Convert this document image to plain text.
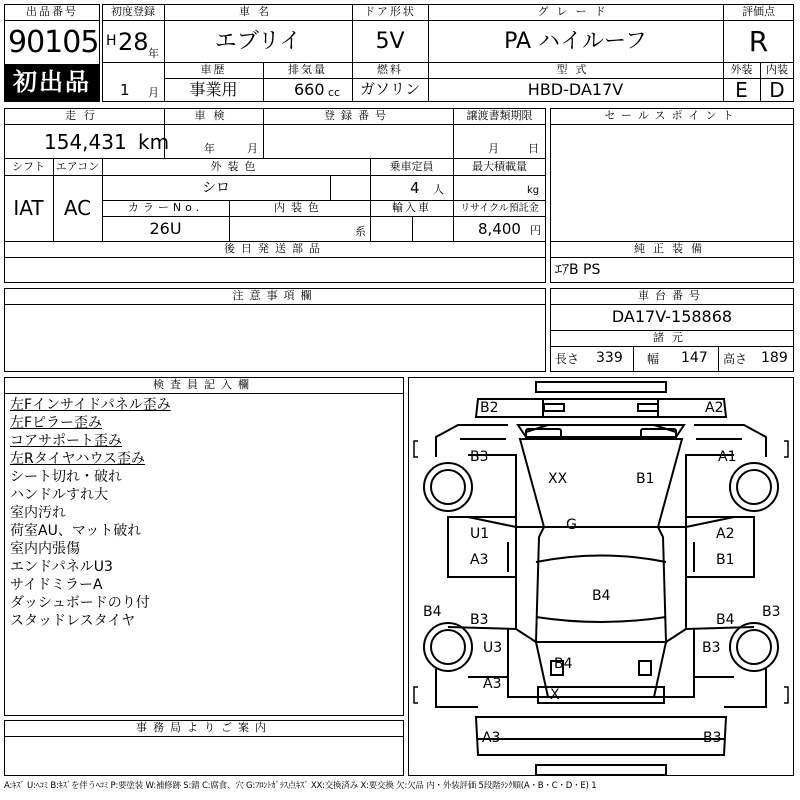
出品番号
90105
初出品
初度登録
H 28 年
1 月
車名
エブリイ
ドア形状
5V
グレード
PA ハイルーフ
評価点
R
車歴
事業用
排気量
660 cc
燃料
ガソリン
型式
HBD-DA17V
外装	内装
E	D
走行
154,431 km
車検
年	月
登録番号	譲渡書類期限
月	日
シフト
IAT
エアコン
AC
外装色
シロ
乗車定員
4 人
最大積載量
kg
カラーNo.
26U
内装色
系
輸入車	リサイクル預託金
8,400 円
後日発送部品
セールスポイント
純正装備
ｴｱB PS
注意事項欄	車台番号
DA17V-158868
諸元
長さ 339 幅 147 高さ 189
検査員記入欄
左Fインサイドパネル歪み
左Fピラー歪み
コアサポート歪み
左Rタイヤハウス歪み
シート切れ・破れ
ハンドルすれ大
室内汚れ
荷室AU、マット破れ
室内内張傷
エンドパネルU3
サイドミラーA
ダッシュボードのり付
スタッドレスタイヤ
事務局よりご案内
B2	A2
B3	A1
XX	B1
G
U1	A2
A3	B1
B4
B4 B3	B4 B3
U3	B3
B4
A3
X
A3	B3
A:ｷｽﾞ U:ﾍｺﾐ B:ｷｽﾞを伴うﾍｺﾐ P:要塗装 W:補修跡 S:錆 C:腐食、穴 G:ﾌﾛﾝﾄｶﾞﾗｽ点ｷｽﾞ XX:交換済み X:要交換 欠:欠品 内・外装評価 5段階ﾗﾝｸ順(A・B・C・D・E) 1
